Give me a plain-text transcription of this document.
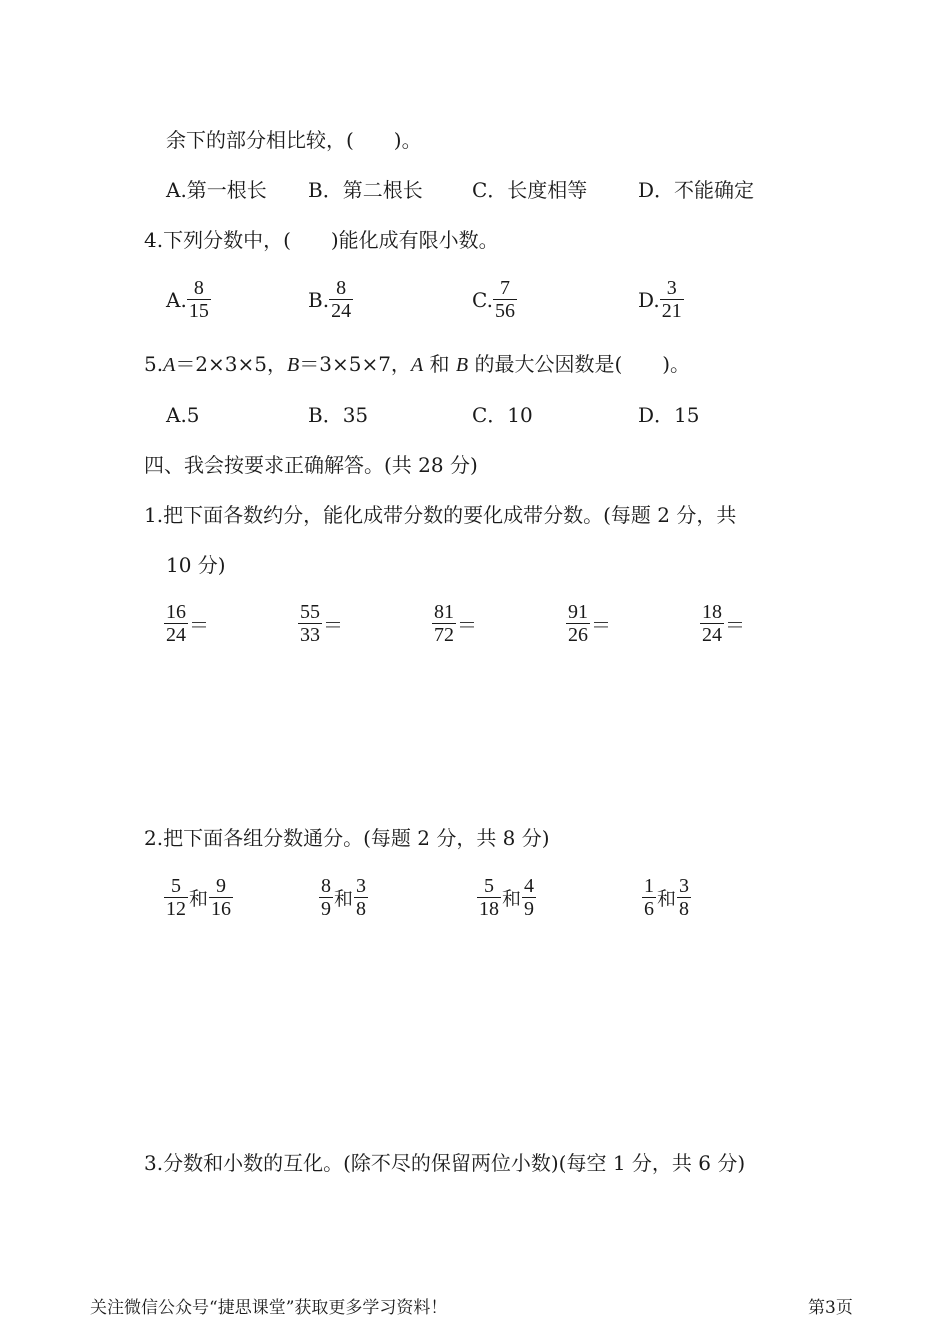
余下的部分相比较，(　　)。
A.第一根长 B．第二根长 C．长度相等	D．不能确定
4.下列分数中，(　　)能化成有限小数。
A. $\frac{8}{15}$	B. $\frac{8}{24}$	C. $\frac{7}{56}$	D. $\frac{3}{21}$
5.A＝2×3×5，B＝3×5×7，A 和 B 的最大公因数是(　　)。
A.5	B．35	C．10	D．15
四、我会按要求正确解答。(共 28 分)
1.把下面各数约分，能化成带分数的要化成带分数。(每题 2 分，共
10 分)
$\frac{16}{24}$ ＝	$\frac{55}{33}$ ＝	$\frac{81}{72}$ ＝	$\frac{91}{26}$ ＝	$\frac{18}{24}$ ＝
2.把下面各组分数通分。(每题 2 分，共 8 分)
$\frac{5}{12}$ 和 $\frac{9}{16}$	$\frac{8}{9}$ 和 $\frac{3}{8}$	$\frac{5}{18}$ 和 $\frac{4}{9}$	$\frac{1}{6}$ 和 $\frac{3}{8}$
3.分数和小数的互化。(除不尽的保留两位小数)(每空 1 分，共 6 分)
关注微信公众号“捷思课堂”获取更多学习资料！	第3页
